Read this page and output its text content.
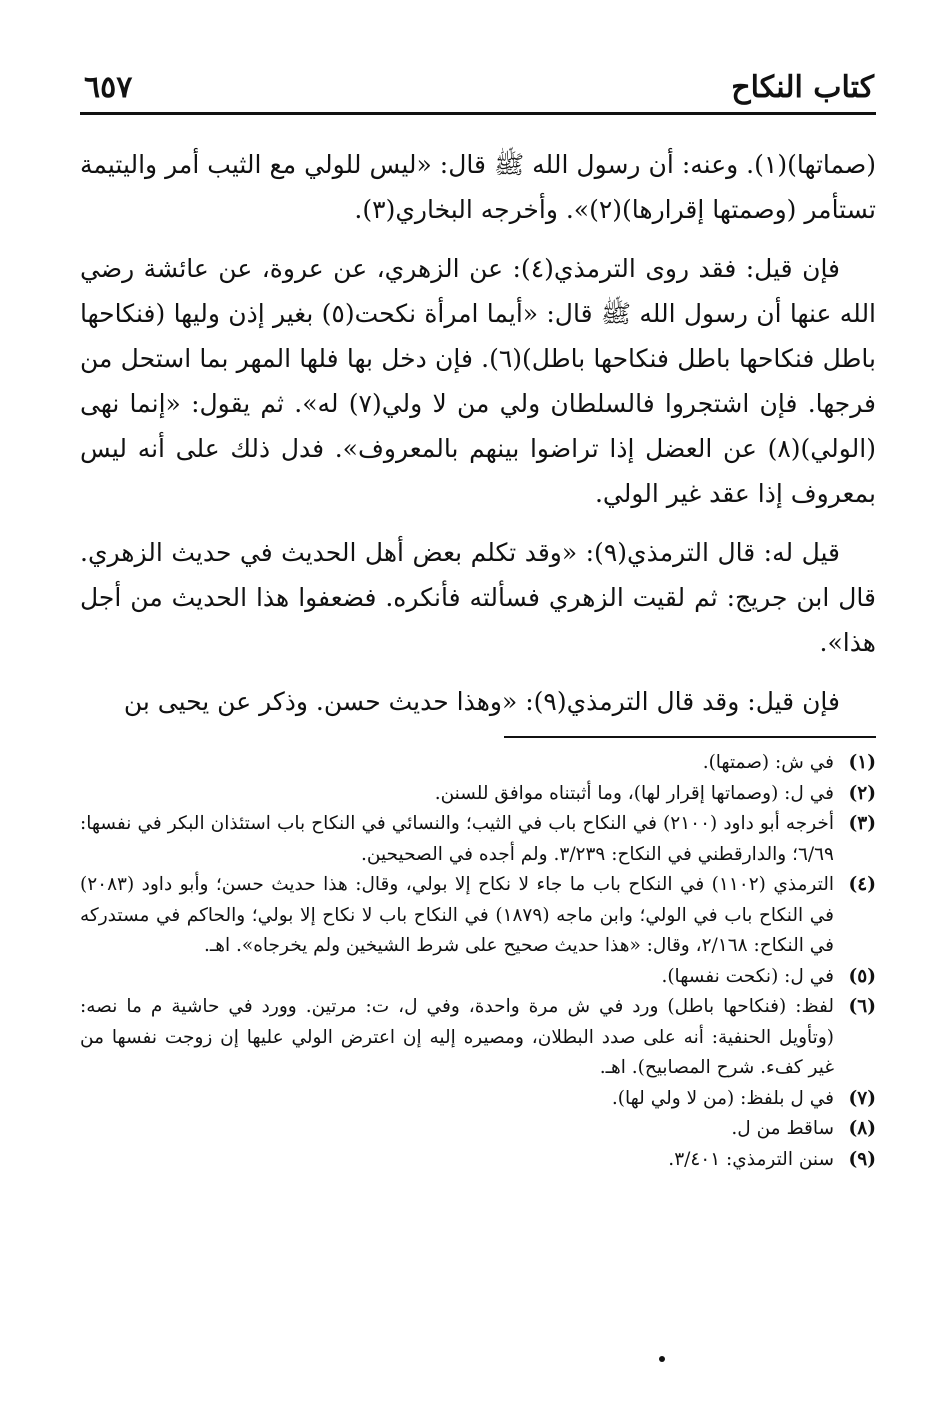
كتاب النكاح
٦٥٧

(صماتها)(١). وعنه: أن رسول الله ﷺ قال: «ليس للولي مع الثيب أمر واليتيمة تستأمر (وصمتها إقرارها)(٢)». وأخرجه البخاري(٣).

فإن قيل: فقد روى الترمذي(٤): عن الزهري، عن عروة، عن عائشة رضي الله عنها أن رسول الله ﷺ قال: «أيما امرأة نكحت(٥) بغير إذن وليها (فنكاحها باطل فنكاحها باطل فنكاحها باطل)(٦). فإن دخل بها فلها المهر بما استحل من فرجها. فإن اشتجروا فالسلطان ولي من لا ولي(٧) له». ثم يقول: «إنما نهى (الولي)(٨) عن العضل إذا تراضوا بينهم بالمعروف». فدل ذلك على أنه ليس بمعروف إذا عقد غير الولي.

قيل له: قال الترمذي(٩): «وقد تكلم بعض أهل الحديث في حديث الزهري. قال ابن جريج: ثم لقيت الزهري فسألته فأنكره. فضعفوا هذا الحديث من أجل هذا».

فإن قيل: وقد قال الترمذي(٩): «وهذا حديث حسن. وذكر عن يحيى بن

(١)
في ش: (صمتها).
(٢)
في ل: (وصماتها إقرار لها)، وما أثبتناه موافق للسنن.
(٣)
أخرجه أبو داود (٢١٠٠) في النكاح باب في الثيب؛ والنسائي في النكاح باب استئذان البكر في نفسها: ٦/٦٩؛ والدارقطني في النكاح: ٣/٢٣٩. ولم أجده في الصحيحين.
(٤)
الترمذي (١١٠٢) في النكاح باب ما جاء لا نكاح إلا بولي، وقال: هذا حديث حسن؛ وأبو داود (٢٠٨٣) في النكاح باب في الولي؛ وابن ماجه (١٨٧٩) في النكاح باب لا نكاح إلا بولي؛ والحاكم في مستدركه في النكاح: ٢/١٦٨، وقال: «هذا حديث صحيح على شرط الشيخين ولم يخرجاه». اهـ.
(٥)
في ل: (نكحت نفسها).
(٦)
لفظ: (فنكاحها باطل) ورد في ش مرة واحدة، وفي ل، ت: مرتين. وورد في حاشية م ما نصه: (وتأويل الحنفية: أنه على صدد البطلان، ومصيره إليه إن اعترض الولي عليها إن زوجت نفسها من غير كفء. شرح المصابيح). اهـ.
(٧)
في ل بلفظ: (من لا ولي لها).
(٨)
ساقط من ل.
(٩)
سنن الترمذي: ٣/٤٠١.
